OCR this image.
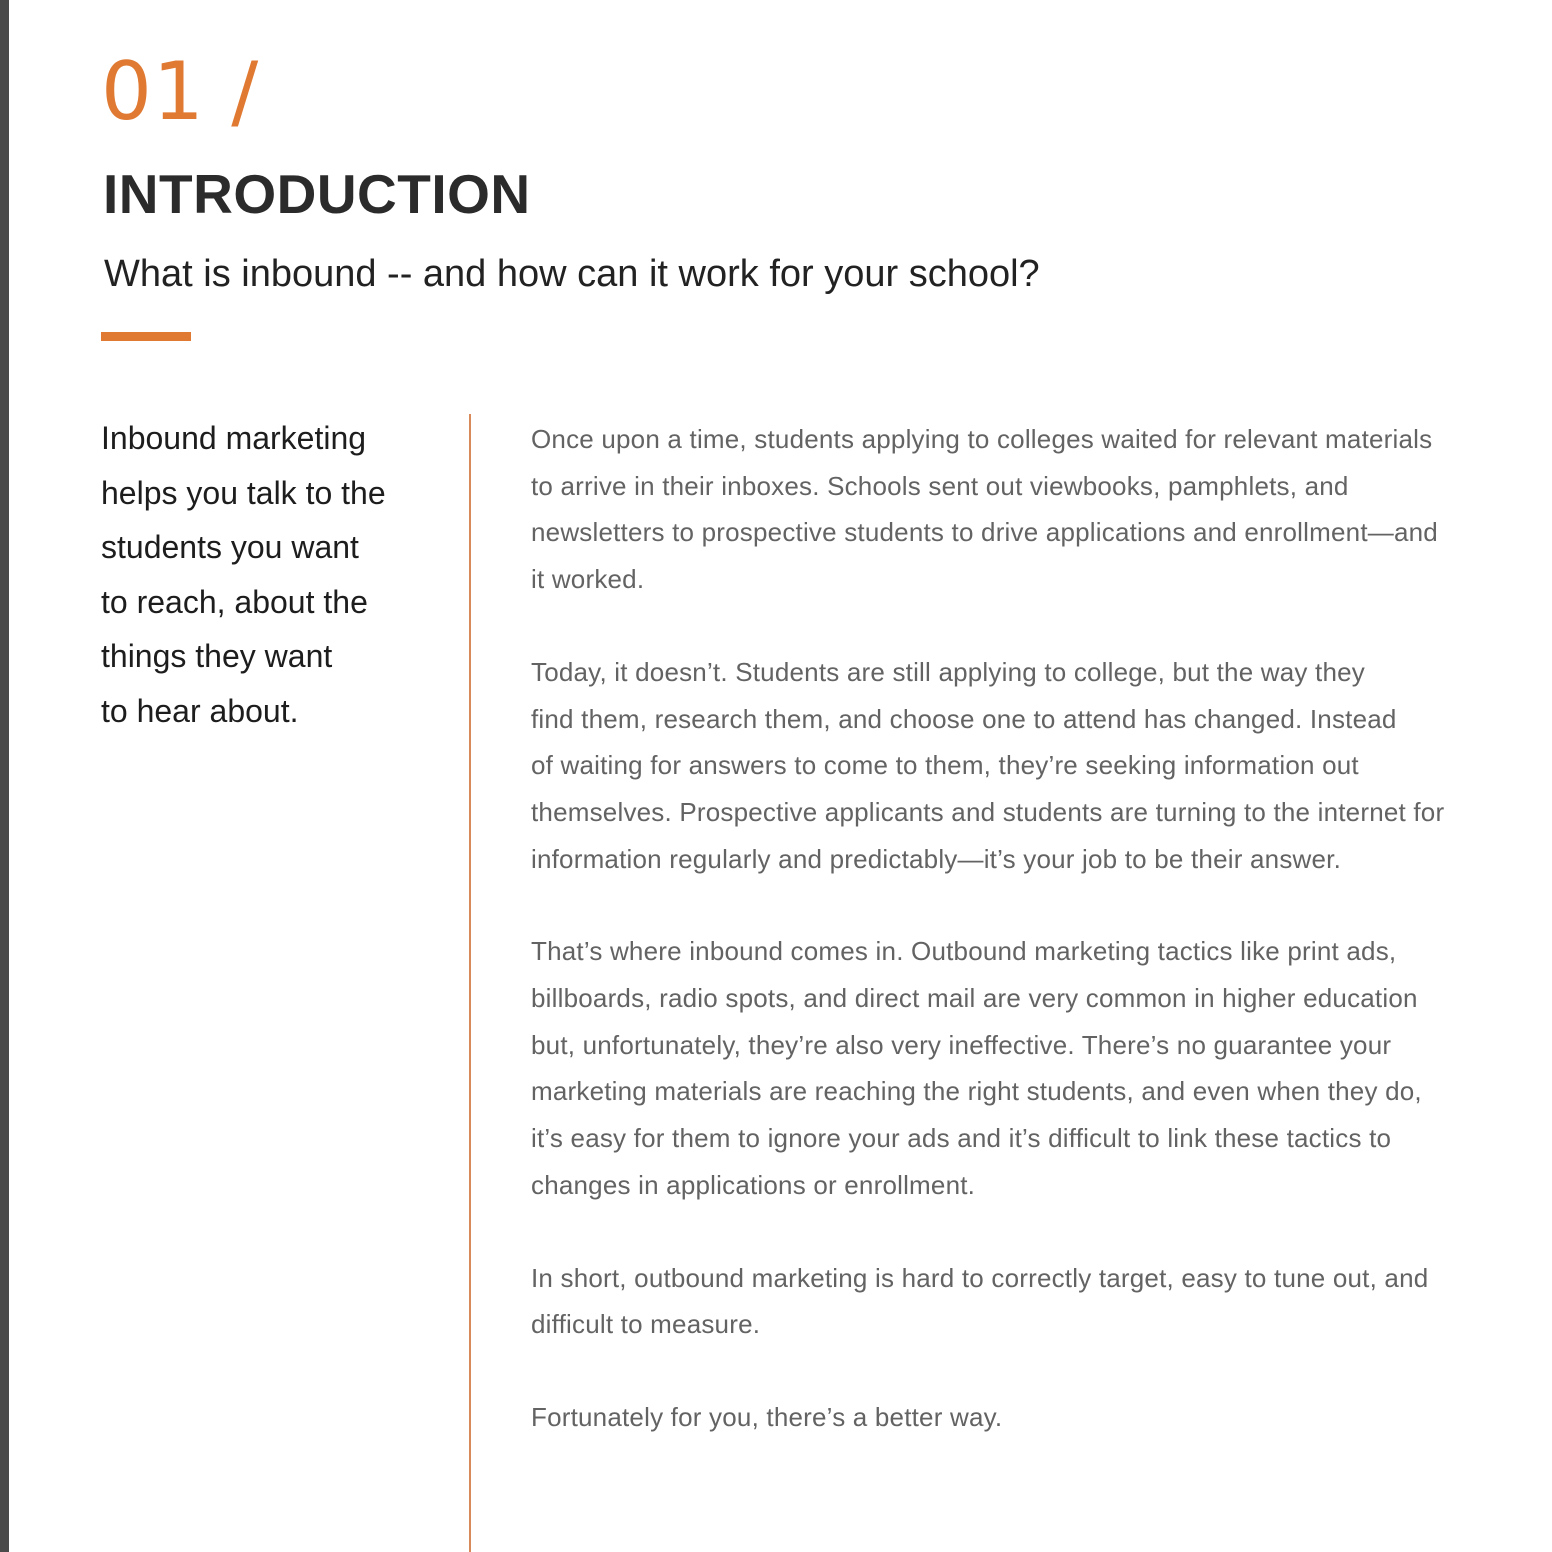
01 /
INTRODUCTION
What is inbound -- and how can it work for your school?
Inbound marketing
helps you talk to the
students you want
to reach, about the
things they want
to hear about.

Once upon a time, students applying to colleges waited for relevant materials
to arrive in their inboxes. Schools sent out viewbooks, pamphlets, and
newsletters to prospective students to drive applications and enrollment—and
it worked.

Today, it doesn’t. Students are still applying to college, but the way they
find them, research them, and choose one to attend has changed. Instead
of waiting for answers to come to them, they’re seeking information out
themselves. Prospective applicants and students are turning to the internet for
information regularly and predictably—it’s your job to be their answer.

That’s where inbound comes in. Outbound marketing tactics like print ads,
billboards, radio spots, and direct mail are very common in higher education
but, unfortunately, they’re also very ineffective. There’s no guarantee your
marketing materials are reaching the right students, and even when they do,
it’s easy for them to ignore your ads and it’s difficult to link these tactics to
changes in applications or enrollment.

In short, outbound marketing is hard to correctly target, easy to tune out, and
difficult to measure.

Fortunately for you, there’s a better way.
